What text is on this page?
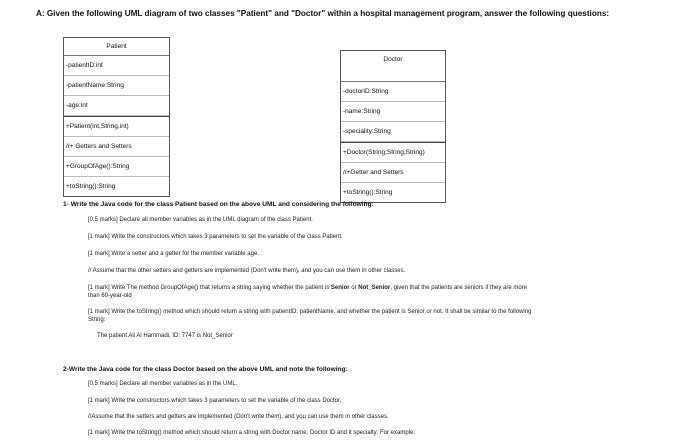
A: Given the following UML diagram of two classes "Patient" and "Doctor" within a hospital management program, answer the following questions:
Patient
-patientID:int
-patientName:String
-age:int
+Patient(int,String,int)
//+ Getters and Setters
+GroupOfAge():String
+toString():String
Doctor
-doctorID:String
-name:String
-speciality:String
+Doctor(String,String,String)
//+Getter and Setters
+toString():String
1- Write the Java code for the class Patient based on the above UML and considering the following:
[0.5 marks] Declare all member variables as in the UML diagram of the class Patient.
[1 mark] Write the constructors which takes 3 parameters to set the variable of the class Patient.
[1 mark] Write a setter and a getter for the member variable age.
// Assume that the other setters and getters are implemented (Don't write them), and you can use them in other classes.
[1 mark] Write The method GroupOfAge() that returns a string saying whether the patient is Senior or Not_Senior, given that the patients are seniors if they are more
than 60-year-old
[1 mark] Write the toString() method which should return a string with patientID, patientName, and whether the patient is Senior or not. It shall be similar to the following
String:
The patient Ali Al Hammadi, ID: 7747 is Not_Senior
2-Write the Java code for the class Doctor based on the above UML and note the following:
[0.5 marks] Declare all member variables as in the UML.
[1 mark] Write the constructors which takes 3 parameters to set the variable of the class Doctor.
//Assume that the setters and getters are implemented (Don't write them), and you can use them in other classes.
[1 mark] Write the toString() method which should return a string with Doctor name, Doctor ID and it specialty: For example:
